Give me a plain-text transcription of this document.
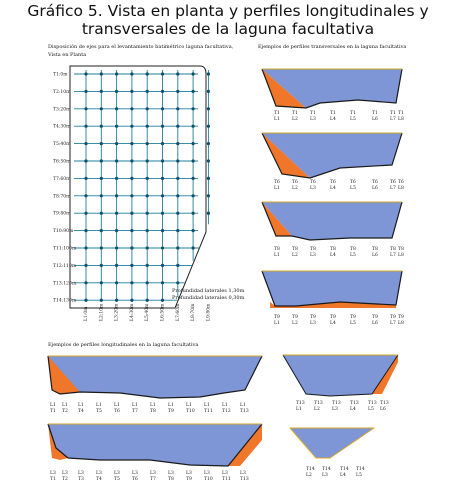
Gráfico 5. Vista en planta y perfiles longitudinales y
transversales de la laguna facultativa
Disposición de ejes para el levantamiento batimétrico laguna facultativa,
Vista en Planta
T1:0m
T2:10m
T3:20m
T4:30m
T5:40m
T6:50m
T7:60m
T8:70m
T9:80m
T10:90m
T11:100m
T12:110m
T13:120m
T14:130m
L1:0m L2:10m L3:20m L4:30m L5:40m L6:50m L7:60m L8:70m L9:80m
Profundidad laterales 1,30m
Profundidad laterales 0,30m
Ejemplos de perfiles transversales en la laguna facultativa
Ejemplos de perfiles longitudinales en la laguna facultativa
T1
L1
T1
L2
T1
L3
T1
L4
T1
L5
T1
L6
T1
L7
T1
L8
T6
L1
T6
L2
T6
L3
T6
L4
T6
L5
T6
L6
T6
L7
T6
L8
T8
L1
T8
L2
T8
L3
T8
L4
T8
L5
T8
L6
T8
L7
T8
L8
T9
L1
T9
L2
T9
L3
T9
L4
T9
L5
T9
L6
T9
L7
T9
L8
L1
T1
L1
T2
L1
T4
L1
T5
L1
T6
L1
T7
L1
T8
L1
T9
L1
T10
L1
T11
L1
T12
L1
T13
L3
T1
L3
T2
L3
T3
L3
T4
L3
T5
L3
T6
L3
T7
L3
T8
L3
T9
L3
T10
L3
T11
L3
T13
T13
L1
T13
L2
T13
L3
T13
L4
T13
L5
T13
L6
T14
L2
T14
L3
T14
L4
T14
L5
